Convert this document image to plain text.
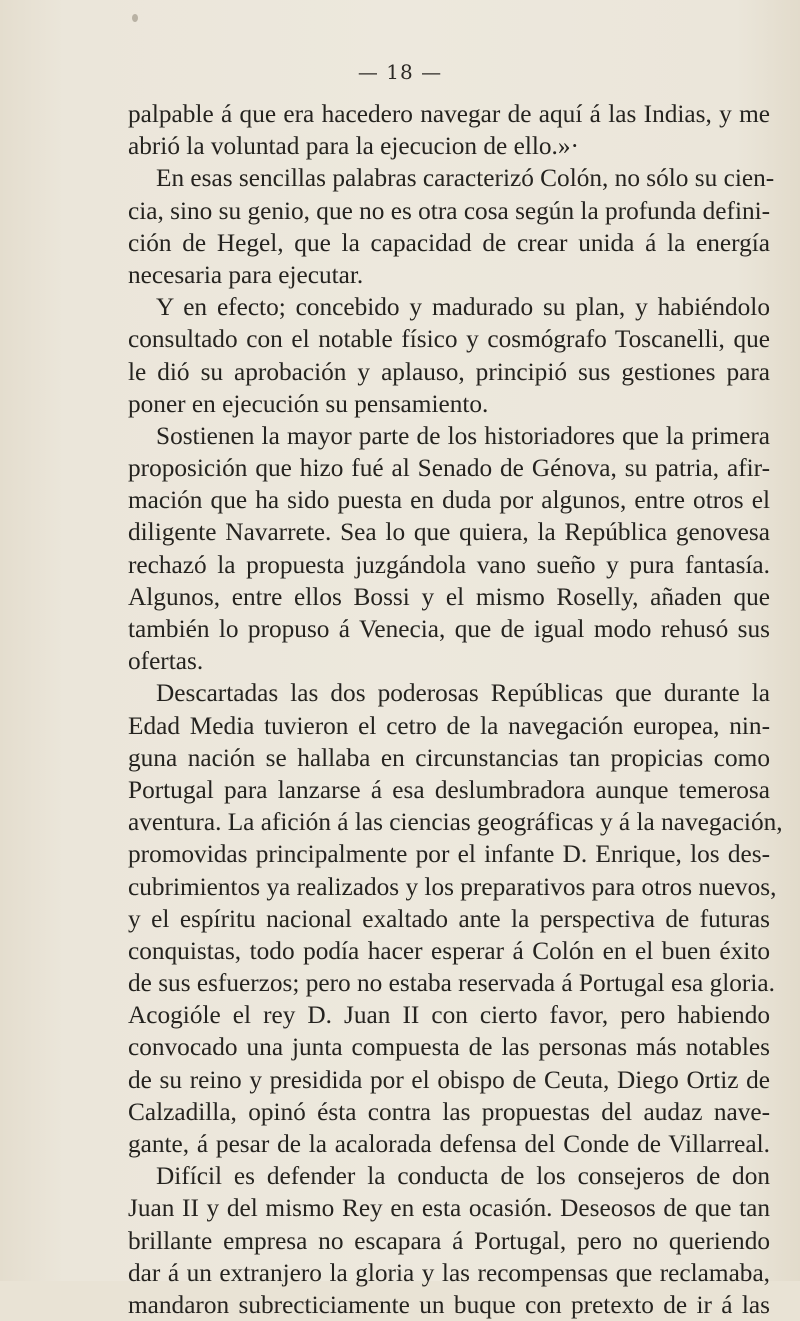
— 18 —
palpable á que era hacedero navegar de aquí á las Indias, y me
abrió la voluntad para la ejecucion de ello.»·
En esas sencillas palabras caracterizó Colón, no sólo su cien-
cia, sino su genio, que no es otra cosa según la profunda defini-
ción de Hegel, que la capacidad de crear unida á la energía
necesaria para ejecutar.
Y en efecto; concebido y madurado su plan, y habiéndolo
consultado con el notable físico y cosmógrafo Toscanelli, que
le dió su aprobación y aplauso, principió sus gestiones para
poner en ejecución su pensamiento.
Sostienen la mayor parte de los historiadores que la primera
proposición que hizo fué al Senado de Génova, su patria, afir-
mación que ha sido puesta en duda por algunos, entre otros el
diligente Navarrete. Sea lo que quiera, la República genovesa
rechazó la propuesta juzgándola vano sueño y pura fantasía.
Algunos, entre ellos Bossi y el mismo Roselly, añaden que
también lo propuso á Venecia, que de igual modo rehusó sus
ofertas.
Descartadas las dos poderosas Repúblicas que durante la
Edad Media tuvieron el cetro de la navegación europea, nin-
guna nación se hallaba en circunstancias tan propicias como
Portugal para lanzarse á esa deslumbradora aunque temerosa
aventura. La afición á las ciencias geográficas y á la navegación,
promovidas principalmente por el infante D. Enrique, los des-
cubrimientos ya realizados y los preparativos para otros nuevos,
y el espíritu nacional exaltado ante la perspectiva de futuras
conquistas, todo podía hacer esperar á Colón en el buen éxito
de sus esfuerzos; pero no estaba reservada á Portugal esa gloria.
Acogióle el rey D. Juan II con cierto favor, pero habiendo
convocado una junta compuesta de las personas más notables
de su reino y presidida por el obispo de Ceuta, Diego Ortiz de
Calzadilla, opinó ésta contra las propuestas del audaz nave-
gante, á pesar de la acalorada defensa del Conde de Villarreal.
Difícil es defender la conducta de los consejeros de don
Juan II y del mismo Rey en esta ocasión. Deseosos de que tan
brillante empresa no escapara á Portugal, pero no queriendo
dar á un extranjero la gloria y las recompensas que reclamaba,
mandaron subrecticiamente un buque con pretexto de ir á las
